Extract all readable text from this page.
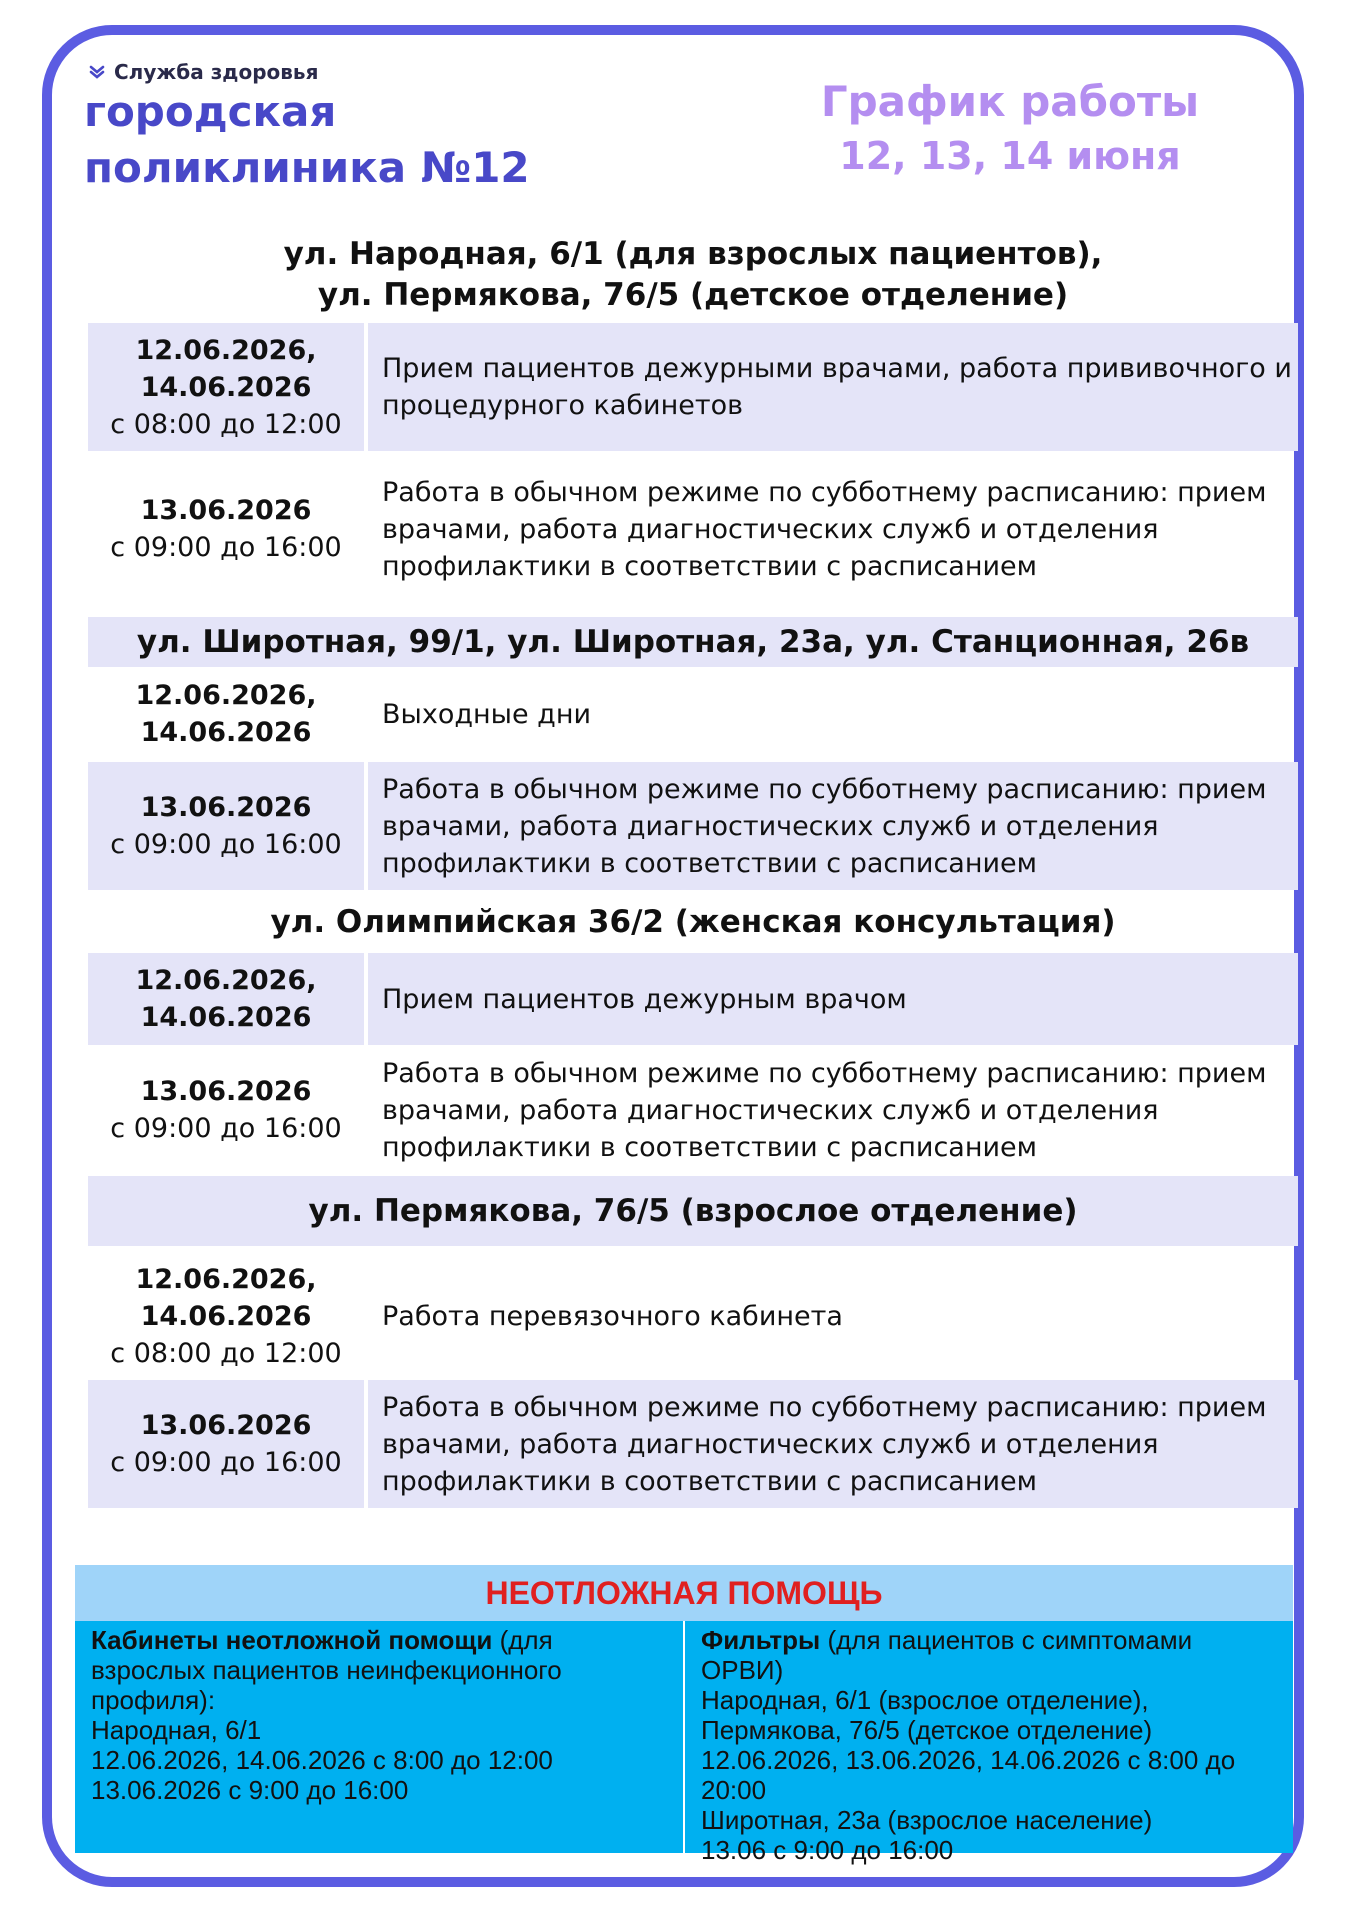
Служба здоровья
городская
поликлиника №12
График работы
12, 13, 14 июня
ул. Народная, 6/1 (для взрослых пациентов),
ул. Пермякова, 76/5 (детское отделение)
12.06.2026,
14.06.2026
с 08:00 до 12:00
Прием пациентов дежурными врачами, работа прививочного и процедурного кабинетов
13.06.2026
с 09:00 до 16:00
Работа в обычном режиме по субботнему расписанию: прием врачами, работа диагностических служб и отделения профилактики в соответствии с расписанием
ул. Широтная, 99/1, ул. Широтная, 23а, ул. Станционная, 26в
12.06.2026,
14.06.2026
Выходные дни
13.06.2026
с 09:00 до 16:00
Работа в обычном режиме по субботнему расписанию: прием врачами, работа диагностических служб и отделения профилактики в соответствии с расписанием
ул. Олимпийская 36/2 (женская консультация)
12.06.2026,
14.06.2026
Прием пациентов дежурным врачом
13.06.2026
с 09:00 до 16:00
Работа в обычном режиме по субботнему расписанию: прием врачами, работа диагностических служб и отделения профилактики в соответствии с расписанием
ул. Пермякова, 76/5 (взрослое отделение)
12.06.2026,
14.06.2026
с 08:00 до 12:00
Работа перевязочного кабинета
13.06.2026
с 09:00 до 16:00
Работа в обычном режиме по субботнему расписанию: прием врачами, работа диагностических служб и отделения профилактики в соответствии с расписанием
НЕОТЛОЖНАЯ ПОМОЩЬ
Кабинеты неотложной помощи (для взрослых пациентов неинфекционного профиля):
Народная, 6/1
12.06.2026, 14.06.2026 с 8:00 до 12:00
13.06.2026 с 9:00 до 16:00
Фильтры (для пациентов с симптомами ОРВИ)
Народная, 6/1 (взрослое отделение),
Пермякова, 76/5 (детское отделение)
12.06.2026, 13.06.2026, 14.06.2026 с 8:00 до 20:00
Широтная, 23а (взрослое население)
13.06 с 9:00 до 16:00
